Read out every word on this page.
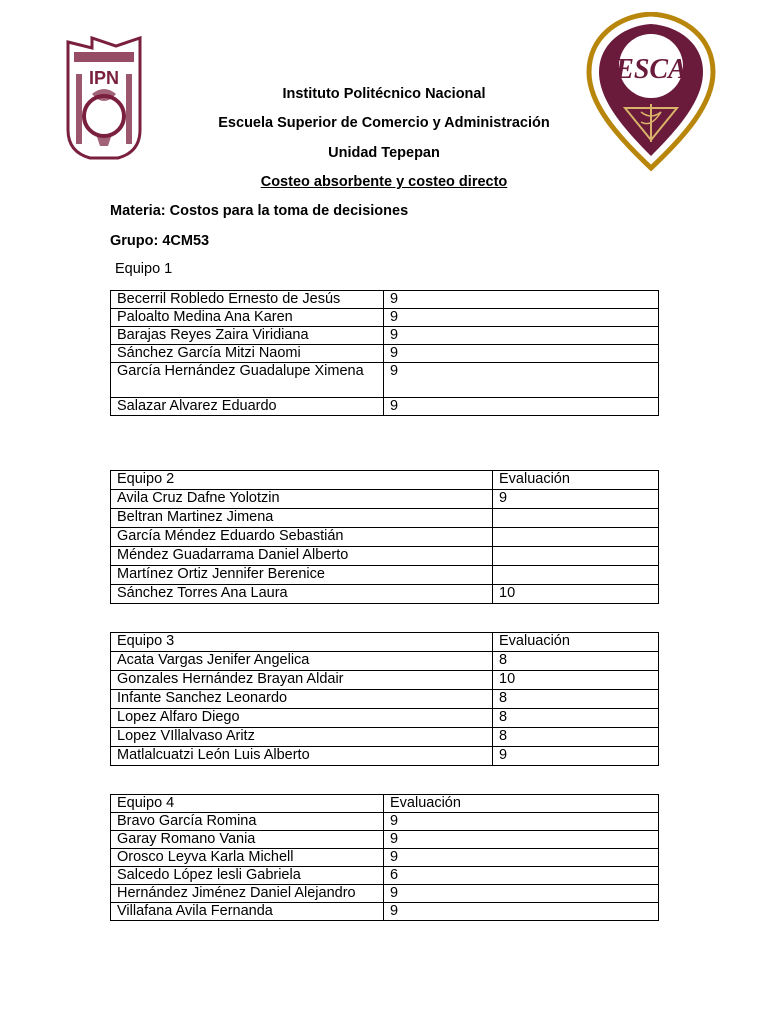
IPN	ESCA
Instituto Politécnico Nacional
Escuela Superior de Comercio y Administración
Unidad Tepepan
Costeo absorbente y costeo directo
Materia: Costos para la toma de decisiones
Grupo: 4CM53
Equipo 1
Becerril Robledo Ernesto de Jesús	9
Paloalto Medina Ana Karen	9
Barajas Reyes Zaira Viridiana	9
Sánchez García Mitzi Naomi	9
García Hernández Guadalupe Ximena	9
Salazar Alvarez Eduardo	9
Equipo 2	Evaluación
Avila Cruz Dafne Yolotzin	9
Beltran Martinez Jimena	
García Méndez Eduardo Sebastián	
Méndez Guadarrama Daniel Alberto	
Martínez Ortiz Jennifer Berenice	
Sánchez Torres Ana Laura	10
Equipo 3	Evaluación
Acata Vargas Jenifer Angelica	8
Gonzales Hernández Brayan Aldair	10
Infante Sanchez Leonardo	8
Lopez Alfaro Diego	8
Lopez VIllalvaso Aritz	8
Matlalcuatzi León Luis Alberto	9
Equipo 4	Evaluación
Bravo García Romina	9
Garay Romano Vania	9
Orosco Leyva Karla Michell	9
Salcedo López lesli Gabriela	6
Hernández Jiménez Daniel Alejandro	9
Villafana Avila Fernanda	9
